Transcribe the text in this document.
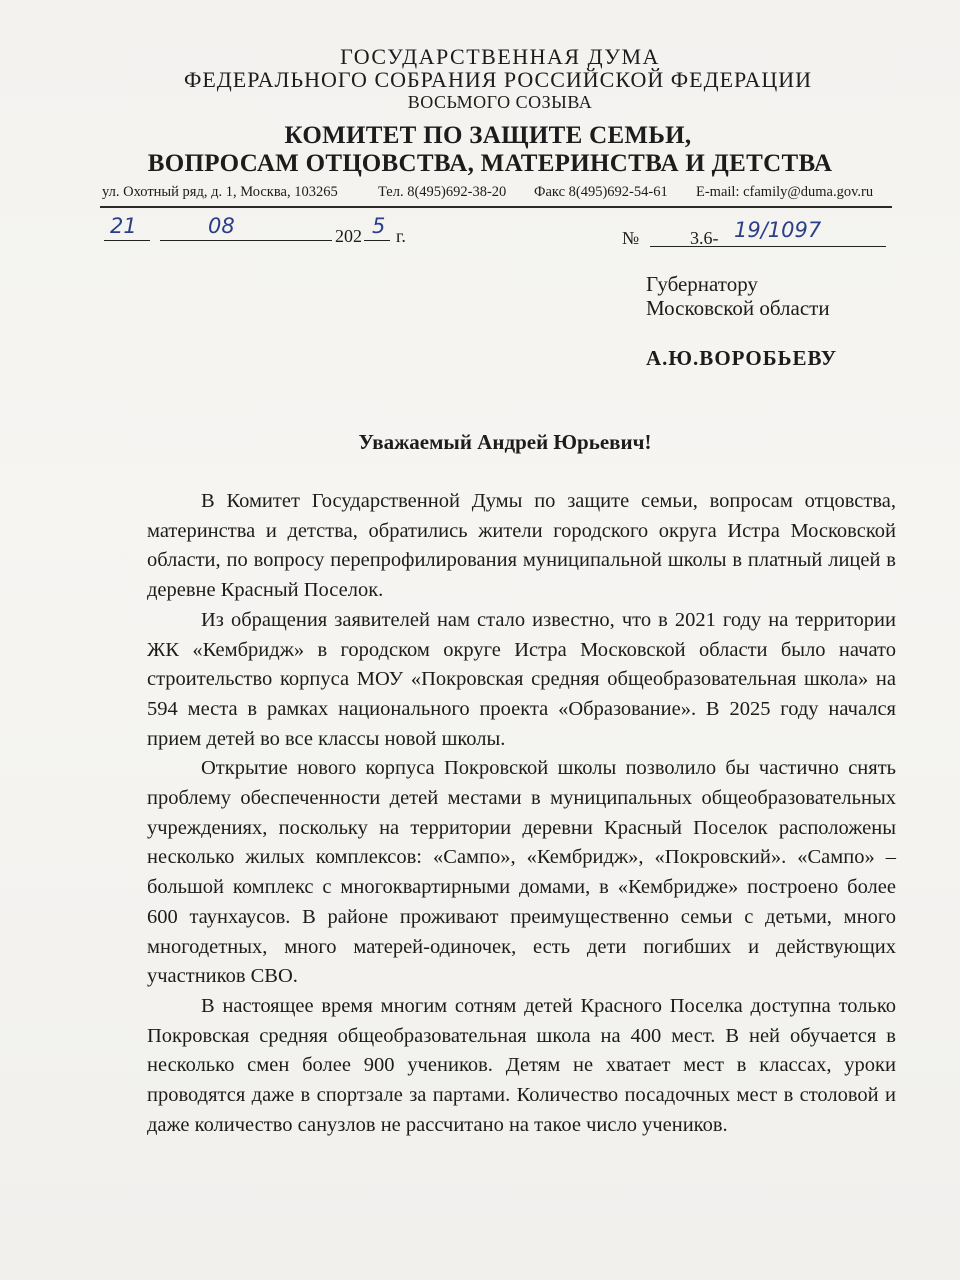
ГОСУДАРСТВЕННАЯ ДУМА
ФЕДЕРАЛЬНОГО СОБРАНИЯ РОССИЙСКОЙ ФЕДЕРАЦИИ
ВОСЬМОГО СОЗЫВА
КОМИТЕТ ПО ЗАЩИТЕ СЕМЬИ,
ВОПРОСАМ ОТЦОВСТВА, МАТЕРИНСТВА И ДЕТСТВА
ул. Охотный ряд, д. 1, Москва, 103265	Тел. 8(495)692-38-20 Факс 8(495)692-54-61 E-mail: cfamily@duma.gov.ru
21	08	202 5 г.	№	3.6- 19/1097
Губернатору
Московской области
А.Ю.ВОРОБЬЕВУ
Уважаемый Андрей Юрьевич!

В Комитет Государственной Думы по защите семьи, вопросам отцовства, материнства и детства, обратились жители городского округа Истра Московской области, по вопросу перепрофилирования муниципальной школы в платный лицей в деревне Красный Поселок.

Из обращения заявителей нам стало известно, что в 2021 году на территории ЖК «Кембридж» в городском округе Истра Московской области было начато строительство корпуса МОУ «Покровская средняя общеобразовательная школа» на 594 места в рамках национального проекта «Образование». В 2025 году начался прием детей во все классы новой школы.

Открытие нового корпуса Покровской школы позволило бы частично снять проблему обеспеченности детей местами в муниципальных общеобразовательных учреждениях, поскольку на территории деревни Красный Поселок расположены несколько жилых комплексов: «Сампо», «Кембридж», «Покровский». «Сампо» – большой комплекс с многоквартирными домами, в «Кембридже» построено более 600 таунхаусов. В районе проживают преимущественно семьи с детьми, много многодетных, много матерей-одиночек, есть дети погибших и действующих участников СВО.

В настоящее время многим сотням детей Красного Поселка доступна только Покровская средняя общеобразовательная школа на 400 мест. В ней обучается в несколько смен более 900 учеников. Детям не хватает мест в классах, уроки проводятся даже в спортзале за партами. Количество посадочных мест в столовой и даже количество санузлов не рассчитано на такое число учеников.
